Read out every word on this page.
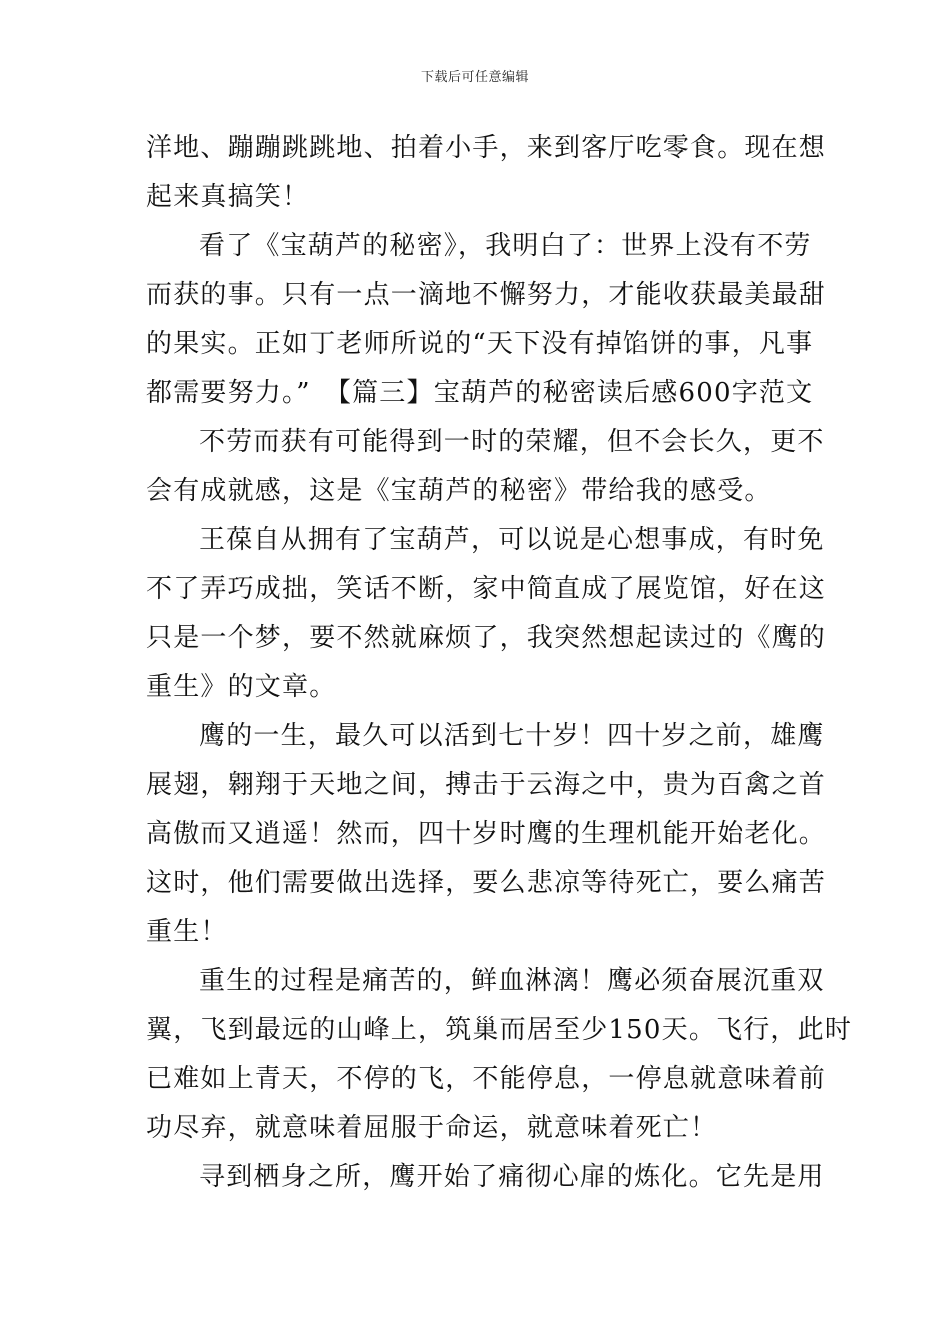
下载后可任意编辑
洋地、蹦蹦跳跳地、拍着小手，来到客厅吃零食。现在想
起来真搞笑！
看了《宝葫芦的秘密》，我明白了：世界上没有不劳
而获的事。只有一点一滴地不懈努力，才能收获最美最甜
的果实。正如丁老师所说的“天下没有掉馅饼的事，凡事
都需要努力。”　【篇三】宝葫芦的秘密读后感600字范文
不劳而获有可能得到一时的荣耀，但不会长久，更不
会有成就感，这是《宝葫芦的秘密》带给我的感受。
王葆自从拥有了宝葫芦，可以说是心想事成，有时免
不了弄巧成拙，笑话不断，家中简直成了展览馆，好在这
只是一个梦，要不然就麻烦了，我突然想起读过的《鹰的
重生》的文章。
鹰的一生，最久可以活到七十岁！四十岁之前，雄鹰
展翅，翱翔于天地之间，搏击于云海之中，贵为百禽之首
高傲而又逍遥！然而，四十岁时鹰的生理机能开始老化。
这时，他们需要做出选择，要么悲凉等待死亡，要么痛苦
重生！
重生的过程是痛苦的，鲜血淋漓！鹰必须奋展沉重双
翼，飞到最远的山峰上，筑巢而居至少150天。飞行，此时
已难如上青天，不停的飞，不能停息，一停息就意味着前
功尽弃，就意味着屈服于命运，就意味着死亡！
寻到栖身之所，鹰开始了痛彻心扉的炼化。它先是用
